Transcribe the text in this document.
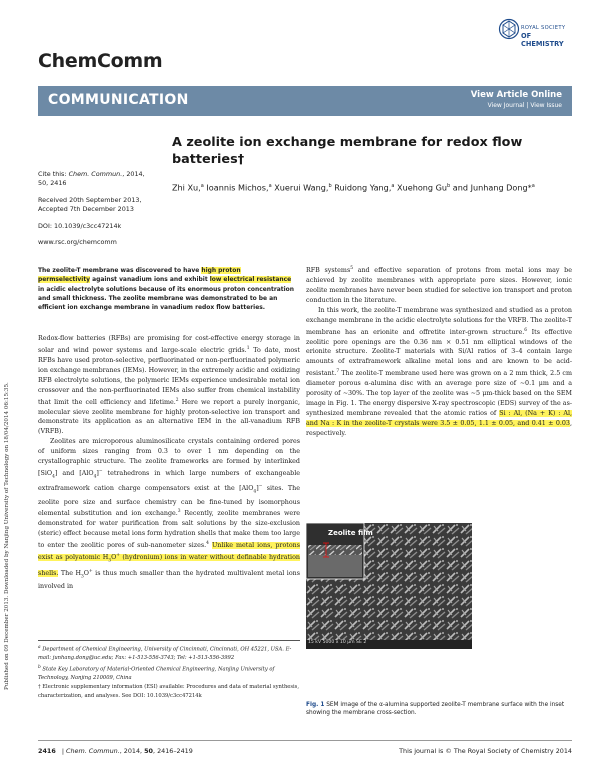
Published on 09 December 2013. Downloaded by Nanjing University of Technology on 18/04/2014 06:15:35.
ChemComm
ROYAL SOCIETY
OF CHEMISTRY
COMMUNICATION	View Article Online
View Journal | View Issue
Cite this: Chem. Commun., 2014,
50, 2416
Received 20th September 2013,
Accepted 7th December 2013
DOI: 10.1039/c3cc47214k
www.rsc.org/chemcomm
A zeolite ion exchange membrane for redox flow batteries†
Zhi Xu,$^a$ Ioannis Michos,$^a$ Xuerui Wang,$^b$ Ruidong Yang,$^a$ Xuehong Gu$^b$ and Junhang Dong*$^a$
The zeolite-T membrane was discovered to have high proton permselectivity against vanadium ions and exhibit low electrical resistance in acidic electrolyte solutions because of its enormous proton concentration and small thickness. The zeolite membrane was demonstrated to be an efficient ion exchange membrane in vanadium redox flow batteries.

Redox-flow batteries (RFBs) are promising for cost-effective energy storage in solar and wind power systems and large-scale electric grids.$^1$ To date, most RFBs have used proton-selective, perfluorinated or non-perfluorinated polymeric ion exchange membranes (IEMs). However, in the extremely acidic and oxidizing RFB electrolyte solutions, the polymeric IEMs experience undesirable metal ion crossover and the non-perfluorinated IEMs also suffer from chemical instability that limit the cell efficiency and lifetime.$^2$ Here we report a purely inorganic, molecular sieve zeolite membrane for highly proton-selective ion transport and demonstrate its application as an alternative IEM in the all-vanadium RFB (VRFB).

Zeolites are microporous aluminosilicate crystals containing ordered pores of uniform sizes ranging from 0.3 to over 1 nm depending on the crystallographic structure. The zeolite frameworks are formed by interlinked [SiO$_4$] and [AlO$_4$]− tetrahedrons in which large numbers of exchangeable extraframework cation charge compensators exist at the [AlO$_4$]− sites. The zeolite pore size and surface chemistry can be fine-tuned by isomorphous elemental substitution and ion exchange.$^3$ Recently, zeolite membranes were demonstrated for water purification from salt solutions by the size-exclusion (steric) effect because metal ions form hydration shells that make them too large to enter the zeolitic pores of sub-nanometer sizes.$^4$ Unlike metal ions, protons exist as polyatomic $H_3O^+$ (hydronium) ions in water without definable hydration shells. The $H_3O^+$ is thus much smaller than the hydrated multivalent metal ions involved in

RFB systems$^5$ and effective separation of protons from metal ions may be achieved by zeolite membranes with appropriate pore sizes. However, ionic zeolite membranes have never been studied for selective ion transport and proton conduction in the literature.

In this work, the zeolite-T membrane was synthesized and studied as a proton exchange membrane in the acidic electrolyte solutions for the VRFB. The zeolite-T membrane has an erionite and offretite inter-grown structure.$^6$ Its effective zeolitic pore openings are the 0.36 nm × 0.51 nm elliptical windows of the erionite structure. Zeolite-T materials with Si/Al ratios of 3–4 contain large amounts of extraframework alkaline metal ions and are known to be acid-resistant.$^7$ The zeolite-T membrane used here was grown on a 2 mm thick, 2.5 cm diameter porous α-alumina disc with an average pore size of ∼0.1 μm and a porosity of ∼30%. The top layer of the zeolite was ∼5 μm-thick based on the SEM image in Fig. 1. The energy dispersive X-ray spectroscopic (EDS) survey of the as-synthesized membrane revealed that the atomic ratios of Si : Al, (Na + K) : Al, and Na : K in the zeolite-T crystals were 3.5 ± 0.05, 1.1 ± 0.05, and 0.41 ± 0.03, respectively.

Zeolite film
15 kV 5000 x 10 μm SE 2
Fig. 1 SEM image of the α-alumina supported zeolite-T membrane surface with the inset showing the membrane cross-section.
$^a$ Department of Chemical Engineering, University of Cincinnati, Cincinnati, OH 45221, USA. E-mail: junhang.dong@uc.edu; Fax: +1-513-556-3743; Tel: +1-513-556-3992
$^b$ State Key Laboratory of Material-Oriented Chemical Engineering, Nanjing University of Technology, Nanjing 210009, China
† Electronic supplementary information (ESI) available: Procedures and data of material synthesis, characterization, and analyses. See DOI: 10.1039/c3cc47214k
2416 | Chem. Commun., 2014, 50, 2416–2419	This journal is © The Royal Society of Chemistry 2014
